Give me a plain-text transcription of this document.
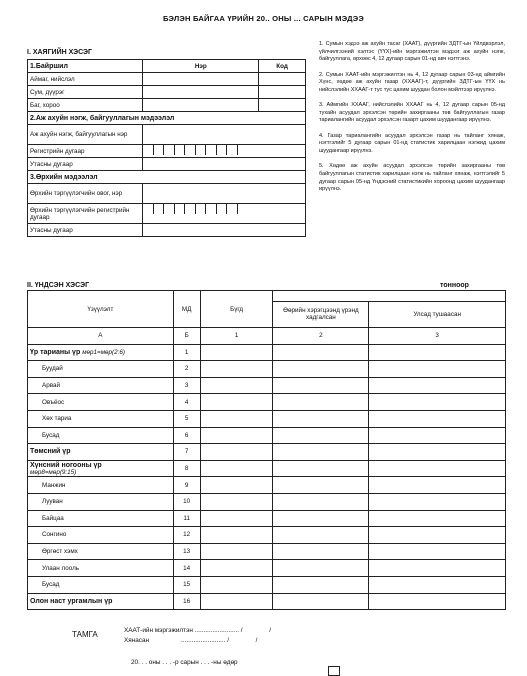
БЭЛЭН БАЙГАА ҮРИЙН 20.. ОНЫ ... САРЫН МЭДЭЭ
I. ХАЯГИЙН ХЭСЭГ
1.Байршил	Нэр	Код
Аймаг, нийслэл		
Сум, дүүрэг		
Баг, хороо		
2.Аж ахуйн нэгж, байгууллагын мэдээлэл		
Аж ахуйн нэгж, байгууллагын нэр		
Регистрийн дугаар		

Утасны дугаар		
3.Өрхийн мэдээлэл		
Өрхийн тэргүүлэгчийн овог, нэр		
Өрхийн тэргүүлэгчийн регистрийн дугаар		

Утасны дугаар		

1. Сумын хэдээ аж ахуйн тасаг (ХААТ), дүүргийн ЗДТГ-ын Үйлдвэрлэл, үйлчилгээний хэлтэс (ҮҮХ)-ийн мэргэжилтэн мэдээг аж ахуйн нэгж, байгууллага, өрхөөс 4, 12 дугаар сарын 01-нд авч нэгтгэнэ.

2. Сумын ХААТ-ийн мэргэжилтэн нь 4, 12 дугаар сарын 03-нд аймгийн Хүнс, хөдөө аж ахуйн газар (ХХААГ)-т, дүүргийн ЗДТГ-ын ҮҮХ нь нийслэлийн ХХААГ-т тус тус цахим шуудан болон мэйлтээр ирүүлнэ.

3. Аймгийн ХХААГ, нийслэлийн ХХААГ нь 4, 12 дугаар сарын 05-нд тухайн асуудал эрхэлсэн төрийн захиргааны төв байгууллагын газар тариалангийн асуудал эрхэлсэн газарт цахим шуудангаар ирүүлнэ.

4. Газар тариалангийн асуудал эрхэлсэн газар нь тайланг хянаж, нэгтгэлийг 5 дугаар сарын 01-нд статистик харилцаан нэгжид цахим шуудангаар ирүүлнэ.

5. Хөдөө аж ахуйн асуудал эрхэлсэн төрийн захиргааны төв байгууллагын статистик харилцаан нэгж нь тайланг хянаж, нэгтгэлийг 5 дугаар сарын 05-нд Үндэсний статистикийн хороонд цахим шуудангаар ирүүлнэ.

II. ҮНДСЭН ХЭСЭГ	тонноор
Үзүүлэлт	МД	Бүгд		
			Өөрийн хэрэгцээнд үрэнд хадгалсан	Улсад тушаасан
А	Б	1	2	3
Үр тарианы үр мөр1=мөр(2:6)	1			
Буудай	2			
Арвай	3			
Овъёос	4			
Хөх тариа	5			
Бусад	6			
Төмсний үр	7			
Хүнсний ногооны үр
мөр8=мөр(9:15)	8			
Манжин	9			
Лууван	10			
Байцаа	11			
Сонгино	12			
Өргөст хэмх	13			
Улаан лооль	14			
Бусад	15			
Олон наст ургамлын үр	16			
ТАМГА	ХААТ-ийн мэргэжилтэн ......................... /               /
Хянасан                  ......................... /               /
20. . . оны . . . -р сарын . . . -ны өдөр
